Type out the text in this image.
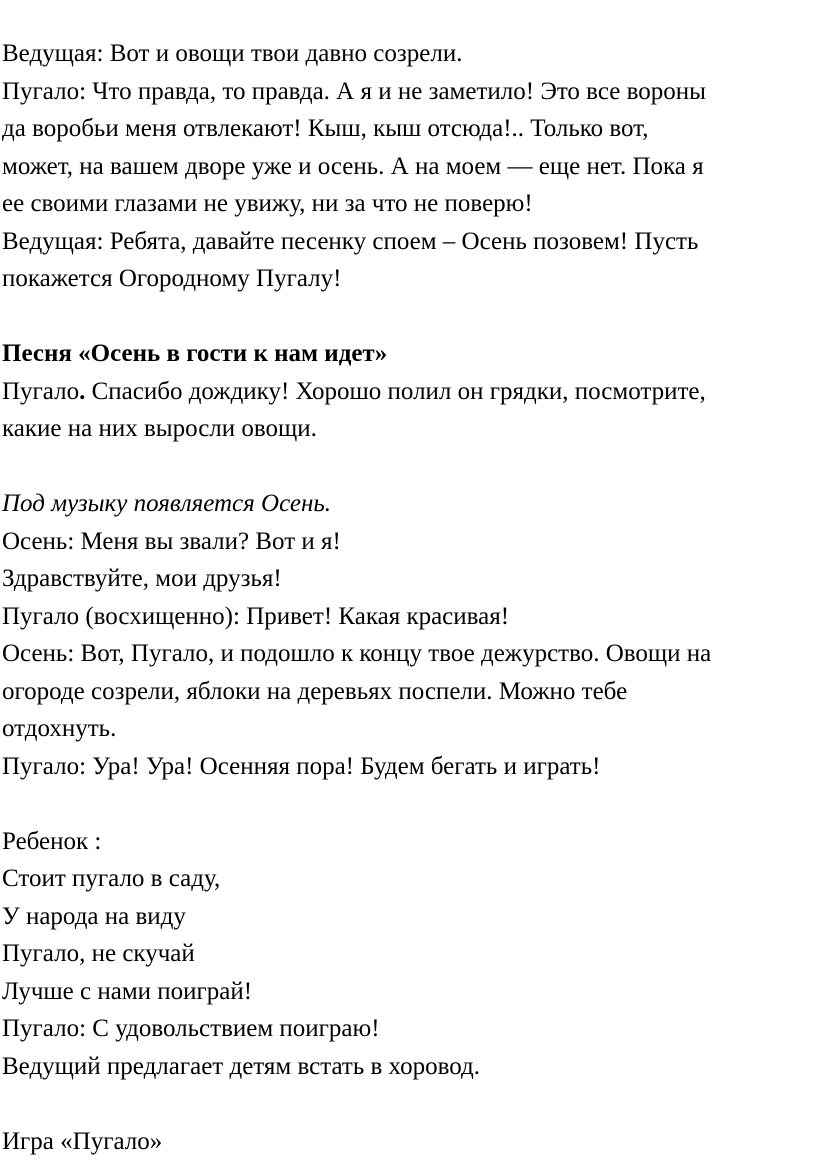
Ведущая: Вот и овощи твои давно созрели.
Пугало: Что правда, то правда. А я и не заметило! Это все вороны
да воробьи меня отвлекают! Кыш, кыш отсюда!.. Только вот,
может, на вашем дворе уже и осень. А на моем — еще нет. Пока я
ее своими глазами не увижу, ни за что не поверю!
Ведущая: Ребята, давайте песенку споем – Осень позовем! Пусть
покажется Огородному Пугалу!
Песня «Осень в гости к нам идет»
Пугало. Спасибо дождику! Хорошо полил он грядки, посмотрите,
какие на них выросли овощи.
Под музыку появляется Осень.
Осень: Меня вы звали? Вот и я!
Здравствуйте, мои друзья!
Пугало (восхищенно): Привет! Какая красивая!
Осень: Вот, Пугало, и подошло к концу твое дежурство. Овощи на
огороде созрели, яблоки на деревьях поспели. Можно тебе
отдохнуть.
Пугало: Ура! Ура! Осенняя пора! Будем бегать и играть!
Ребенок :
Стоит пугало в саду,
У народа на виду
Пугало, не скучай
Лучше с нами поиграй!
Пугало: С удовольствием поиграю!
Ведущий предлагает детям встать в хоровод.
Игра «Пугало»
